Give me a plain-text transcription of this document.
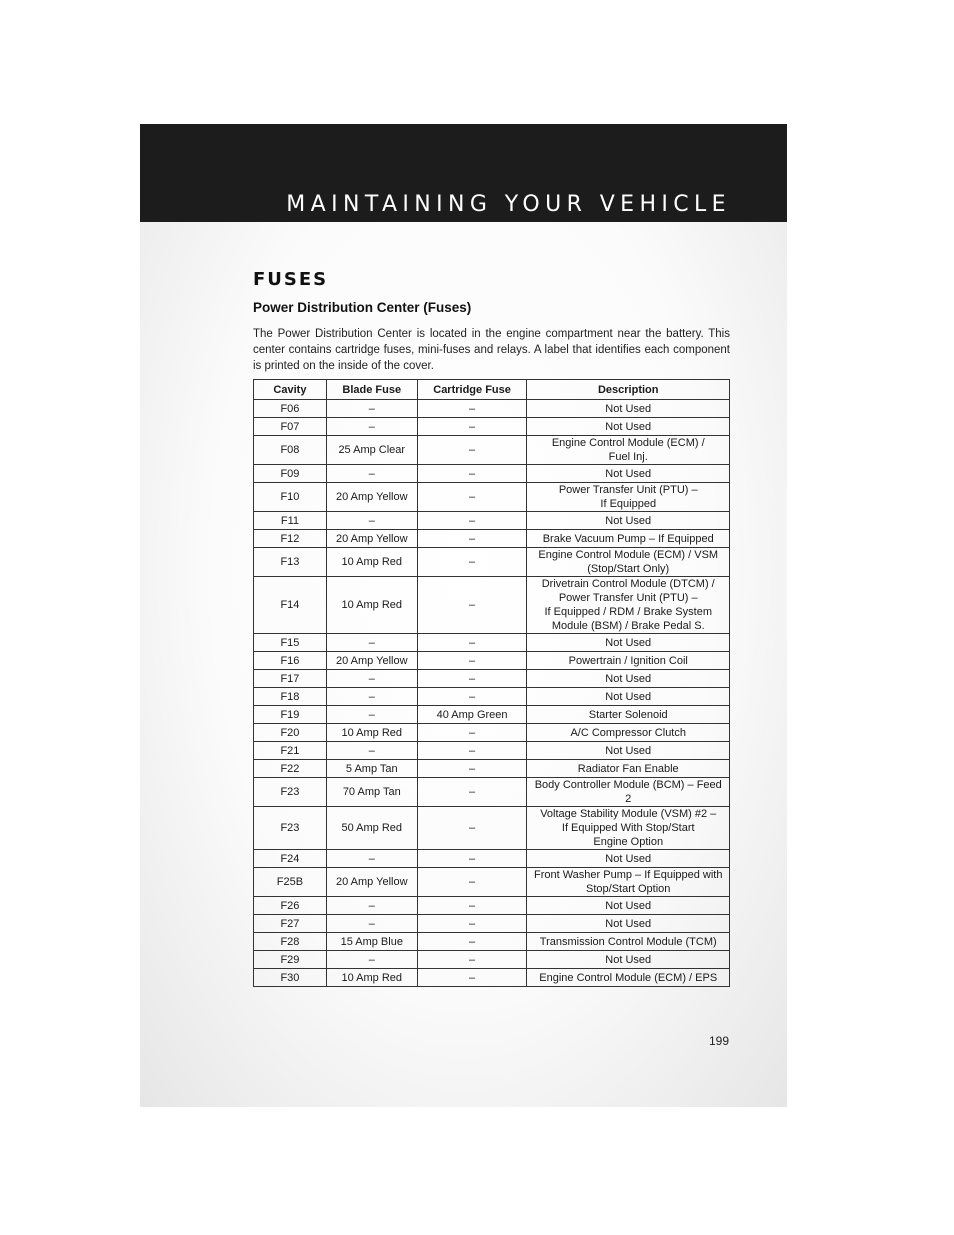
MAINTAINING YOUR VEHICLE
FUSES
Power Distribution Center (Fuses)
The Power Distribution Center is located in the engine compartment near the battery. This center contains cartridge fuses, mini-fuses and relays. A label that identifies each component is printed on the inside of the cover.
Cavity	Blade Fuse	Cartridge Fuse	Description
F06	–	–	Not Used
F07	–	–	Not Used
F08	25 Amp Clear	–	Engine Control Module (ECM) /
Fuel Inj.
F09	–	–	Not Used
F10	20 Amp Yellow	–	Power Transfer Unit (PTU) –
If Equipped
F11	–	–	Not Used
F12	20 Amp Yellow	–	Brake Vacuum Pump – If Equipped
F13	10 Amp Red	–	Engine Control Module (ECM) / VSM
(Stop/Start Only)
F14	10 Amp Red	–	Drivetrain Control Module (DTCM) /
Power Transfer Unit (PTU) –
If Equipped / RDM / Brake System
Module (BSM) / Brake Pedal S.
F15	–	–	Not Used
F16	20 Amp Yellow	–	Powertrain / Ignition Coil
F17	–	–	Not Used
F18	–	–	Not Used
F19	–	40 Amp Green	Starter Solenoid
F20	10 Amp Red	–	A/C Compressor Clutch
F21	–	–	Not Used
F22	5 Amp Tan	–	Radiator Fan Enable
F23	70 Amp Tan	–	Body Controller Module (BCM) – Feed 2
F23	50 Amp Red	–	Voltage Stability Module (VSM) #2 –
If Equipped With Stop/Start
Engine Option
F24	–	–	Not Used
F25B	20 Amp Yellow	–	Front Washer Pump – If Equipped with
Stop/Start Option
F26	–	–	Not Used
F27	–	–	Not Used
F28	15 Amp Blue	–	Transmission Control Module (TCM)
F29	–	–	Not Used
F30	10 Amp Red	–	Engine Control Module (ECM) / EPS
199
